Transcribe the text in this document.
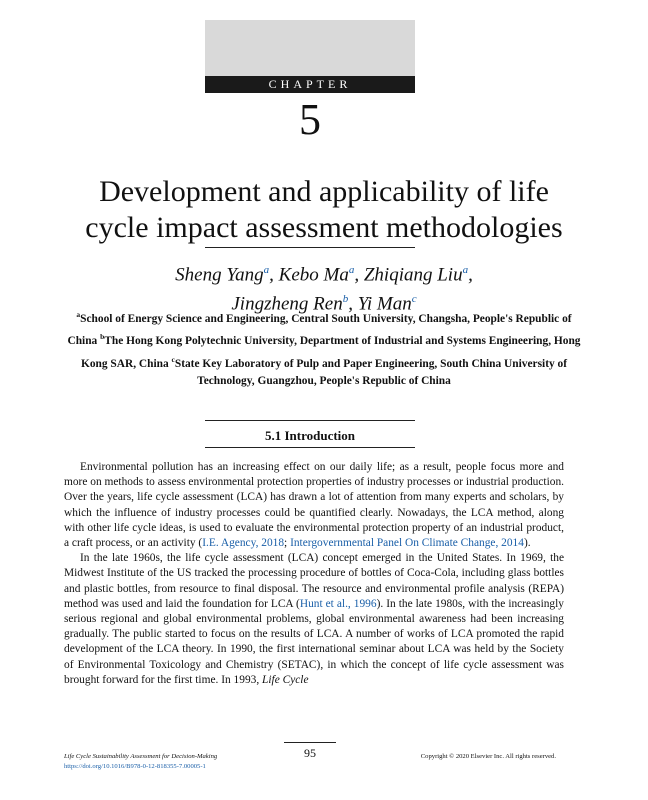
CHAPTER
5
Development and applicability of life
cycle impact assessment methodologies
Sheng Yang$^a$, Kebo Ma$^a$, Zhiqiang Liu$^a$,
Jingzheng Ren$^b$, Yi Man$^c$
$^a$School of Energy Science and Engineering, Central South University, Changsha, People's Republic of China $^b$The Hong Kong Polytechnic University, Department of Industrial and Systems Engineering, Hong Kong SAR, China $^c$State Key Laboratory of Pulp and Paper Engineering, South China University of Technology, Guangzhou, People's Republic of China
5.1 Introduction

Environmental pollution has an increasing effect on our daily life; as a result, people focus more and more on methods to assess environmental protection properties of industry processes or industrial production. Over the years, life cycle assessment (LCA) has drawn a lot of attention from many experts and scholars, by which the influence of industry processes could be quantified clearly. Nowadays, the LCA method, along with other life cycle ideas, is used to evaluate the environmental protection property of an industrial product, a craft process, or an activity (I.E. Agency, 2018; Intergovernmental Panel On Climate Change, 2014).

In the late 1960s, the life cycle assessment (LCA) concept emerged in the United States. In 1969, the Midwest Institute of the US tracked the processing procedure of bottles of Coca-Cola, including glass bottles and plastic bottles, from resource to final disposal. The resource and environmental profile analysis (REPA) method was used and laid the foundation for LCA (Hunt et al., 1996). In the late 1980s, with the increasingly serious regional and global environmental problems, global environmental awareness had been increasing gradually. The public started to focus on the results of LCA. A number of works of LCA promoted the rapid development of the LCA theory. In 1990, the first international seminar about LCA was held by the Society of Environmental Toxicology and Chemistry (SETAC), in which the concept of life cycle assessment was brought forward for the first time. In 1993, Life Cycle

Life Cycle Sustainability Assessment for Decision-Making
https://doi.org/10.1016/B978-0-12-818355-7.00005-1
95	Copyright © 2020 Elsevier Inc. All rights reserved.
